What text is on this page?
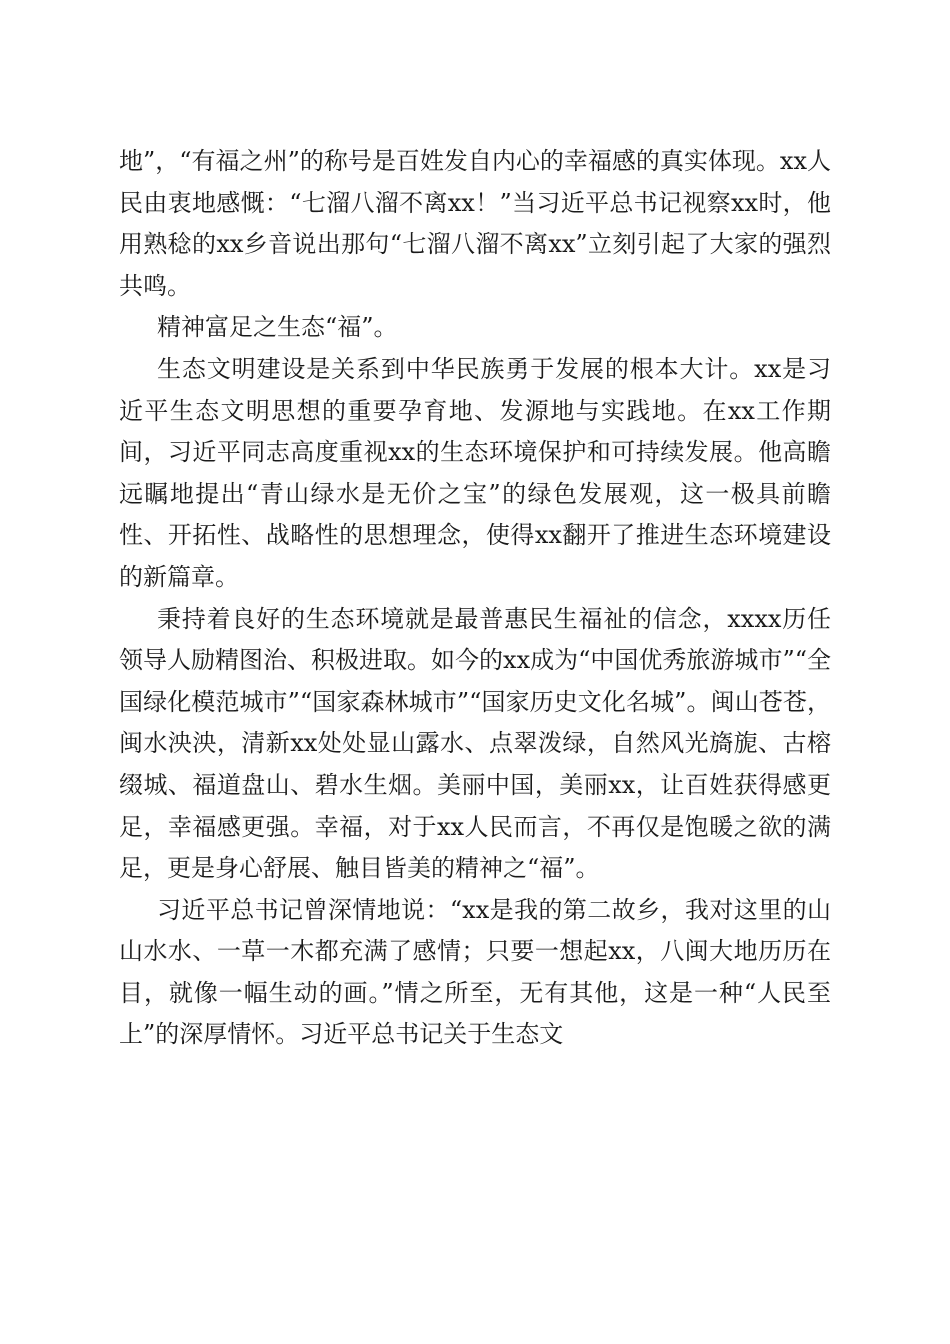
地”，“有福之州”的称号是百姓发自内心的幸福感的真实体现。xx人民由衷地感慨：“七溜八溜不离xx！”当习近平总书记视察xx时，他用熟稔的xx乡音说出那句“七溜八溜不离xx”立刻引起了大家的强烈共鸣。

精神富足之生态“福”。

生态文明建设是关系到中华民族勇于发展的根本大计。xx是习近平生态文明思想的重要孕育地、发源地与实践地。在xx工作期间，习近平同志高度重视xx的生态环境保护和可持续发展。他高瞻远瞩地提出“青山绿水是无价之宝”的绿色发展观，这一极具前瞻性、开拓性、战略性的思想理念，使得xx翻开了推进生态环境建设的新篇章。

秉持着良好的生态环境就是最普惠民生福祉的信念，xxxx历任领导人励精图治、积极进取。如今的xx成为“中国优秀旅游城市”“全国绿化模范城市”“国家森林城市”“国家历史文化名城”。闽山苍苍，闽水泱泱，清新xx处处显山露水、点翠泼绿，自然风光旖旎、古榕缀城、福道盘山、碧水生烟。美丽中国，美丽xx，让百姓获得感更足，幸福感更强。幸福，对于xx人民而言，不再仅是饱暖之欲的满足，更是身心舒展、触目皆美的精神之“福”。

习近平总书记曾深情地说：“xx是我的第二故乡，我对这里的山山水水、一草一木都充满了感情；只要一想起xx，八闽大地历历在目，就像一幅生动的画。”情之所至，无有其他，这是一种“人民至上”的深厚情怀。习近平总书记关于生态文
